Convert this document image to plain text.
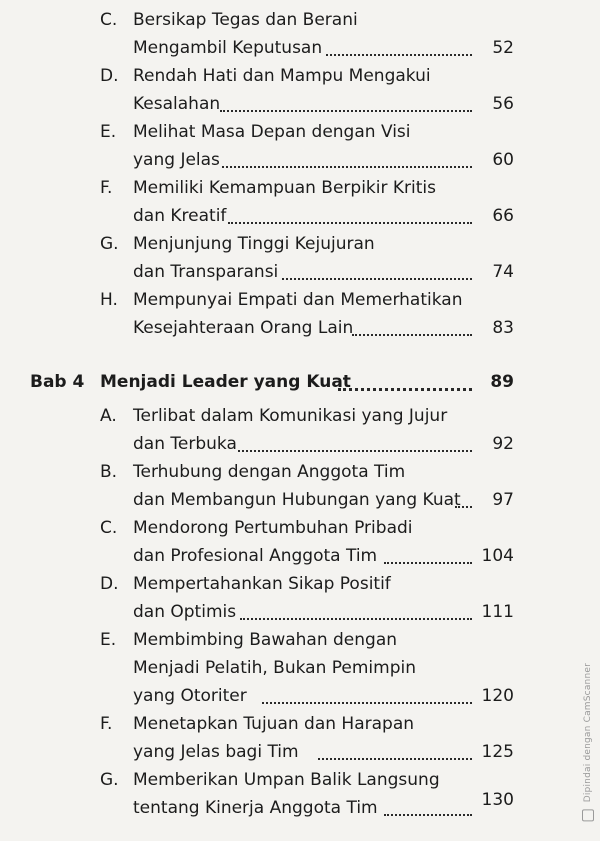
C. Bersikap Tegas dan Berani
Mengambil Keputusan	52
D. Rendah Hati dan Mampu Mengakui
Kesalahan	56
E. Melihat Masa Depan dengan Visi
yang Jelas	60
F. Memiliki Kemampuan Berpikir Kritis
dan Kreatif	66
G. Menjunjung Tinggi Kejujuran
dan Transparansi	74
H. Mempunyai Empati dan Memerhatikan
Kesejahteraan Orang Lain	83
Bab 4 Menjadi Leader yang Kuat	89
A. Terlibat dalam Komunikasi yang Jujur
dan Terbuka	92
B. Terhubung dengan Anggota Tim
dan Membangun Hubungan yang Kuat	97
C. Mendorong Pertumbuhan Pribadi
dan Profesional Anggota Tim	104
D. Mempertahankan Sikap Positif
dan Optimis	111
E. Membimbing Bawahan dengan
Menjadi Pelatih, Bukan Pemimpin
yang Otoriter	120
F. Menetapkan Tujuan dan Harapan
yang Jelas bagi Tim	125
G. Memberikan Umpan Balik Langsung
tentang Kinerja Anggota Tim	130	Dipindai dengan CamScanner
